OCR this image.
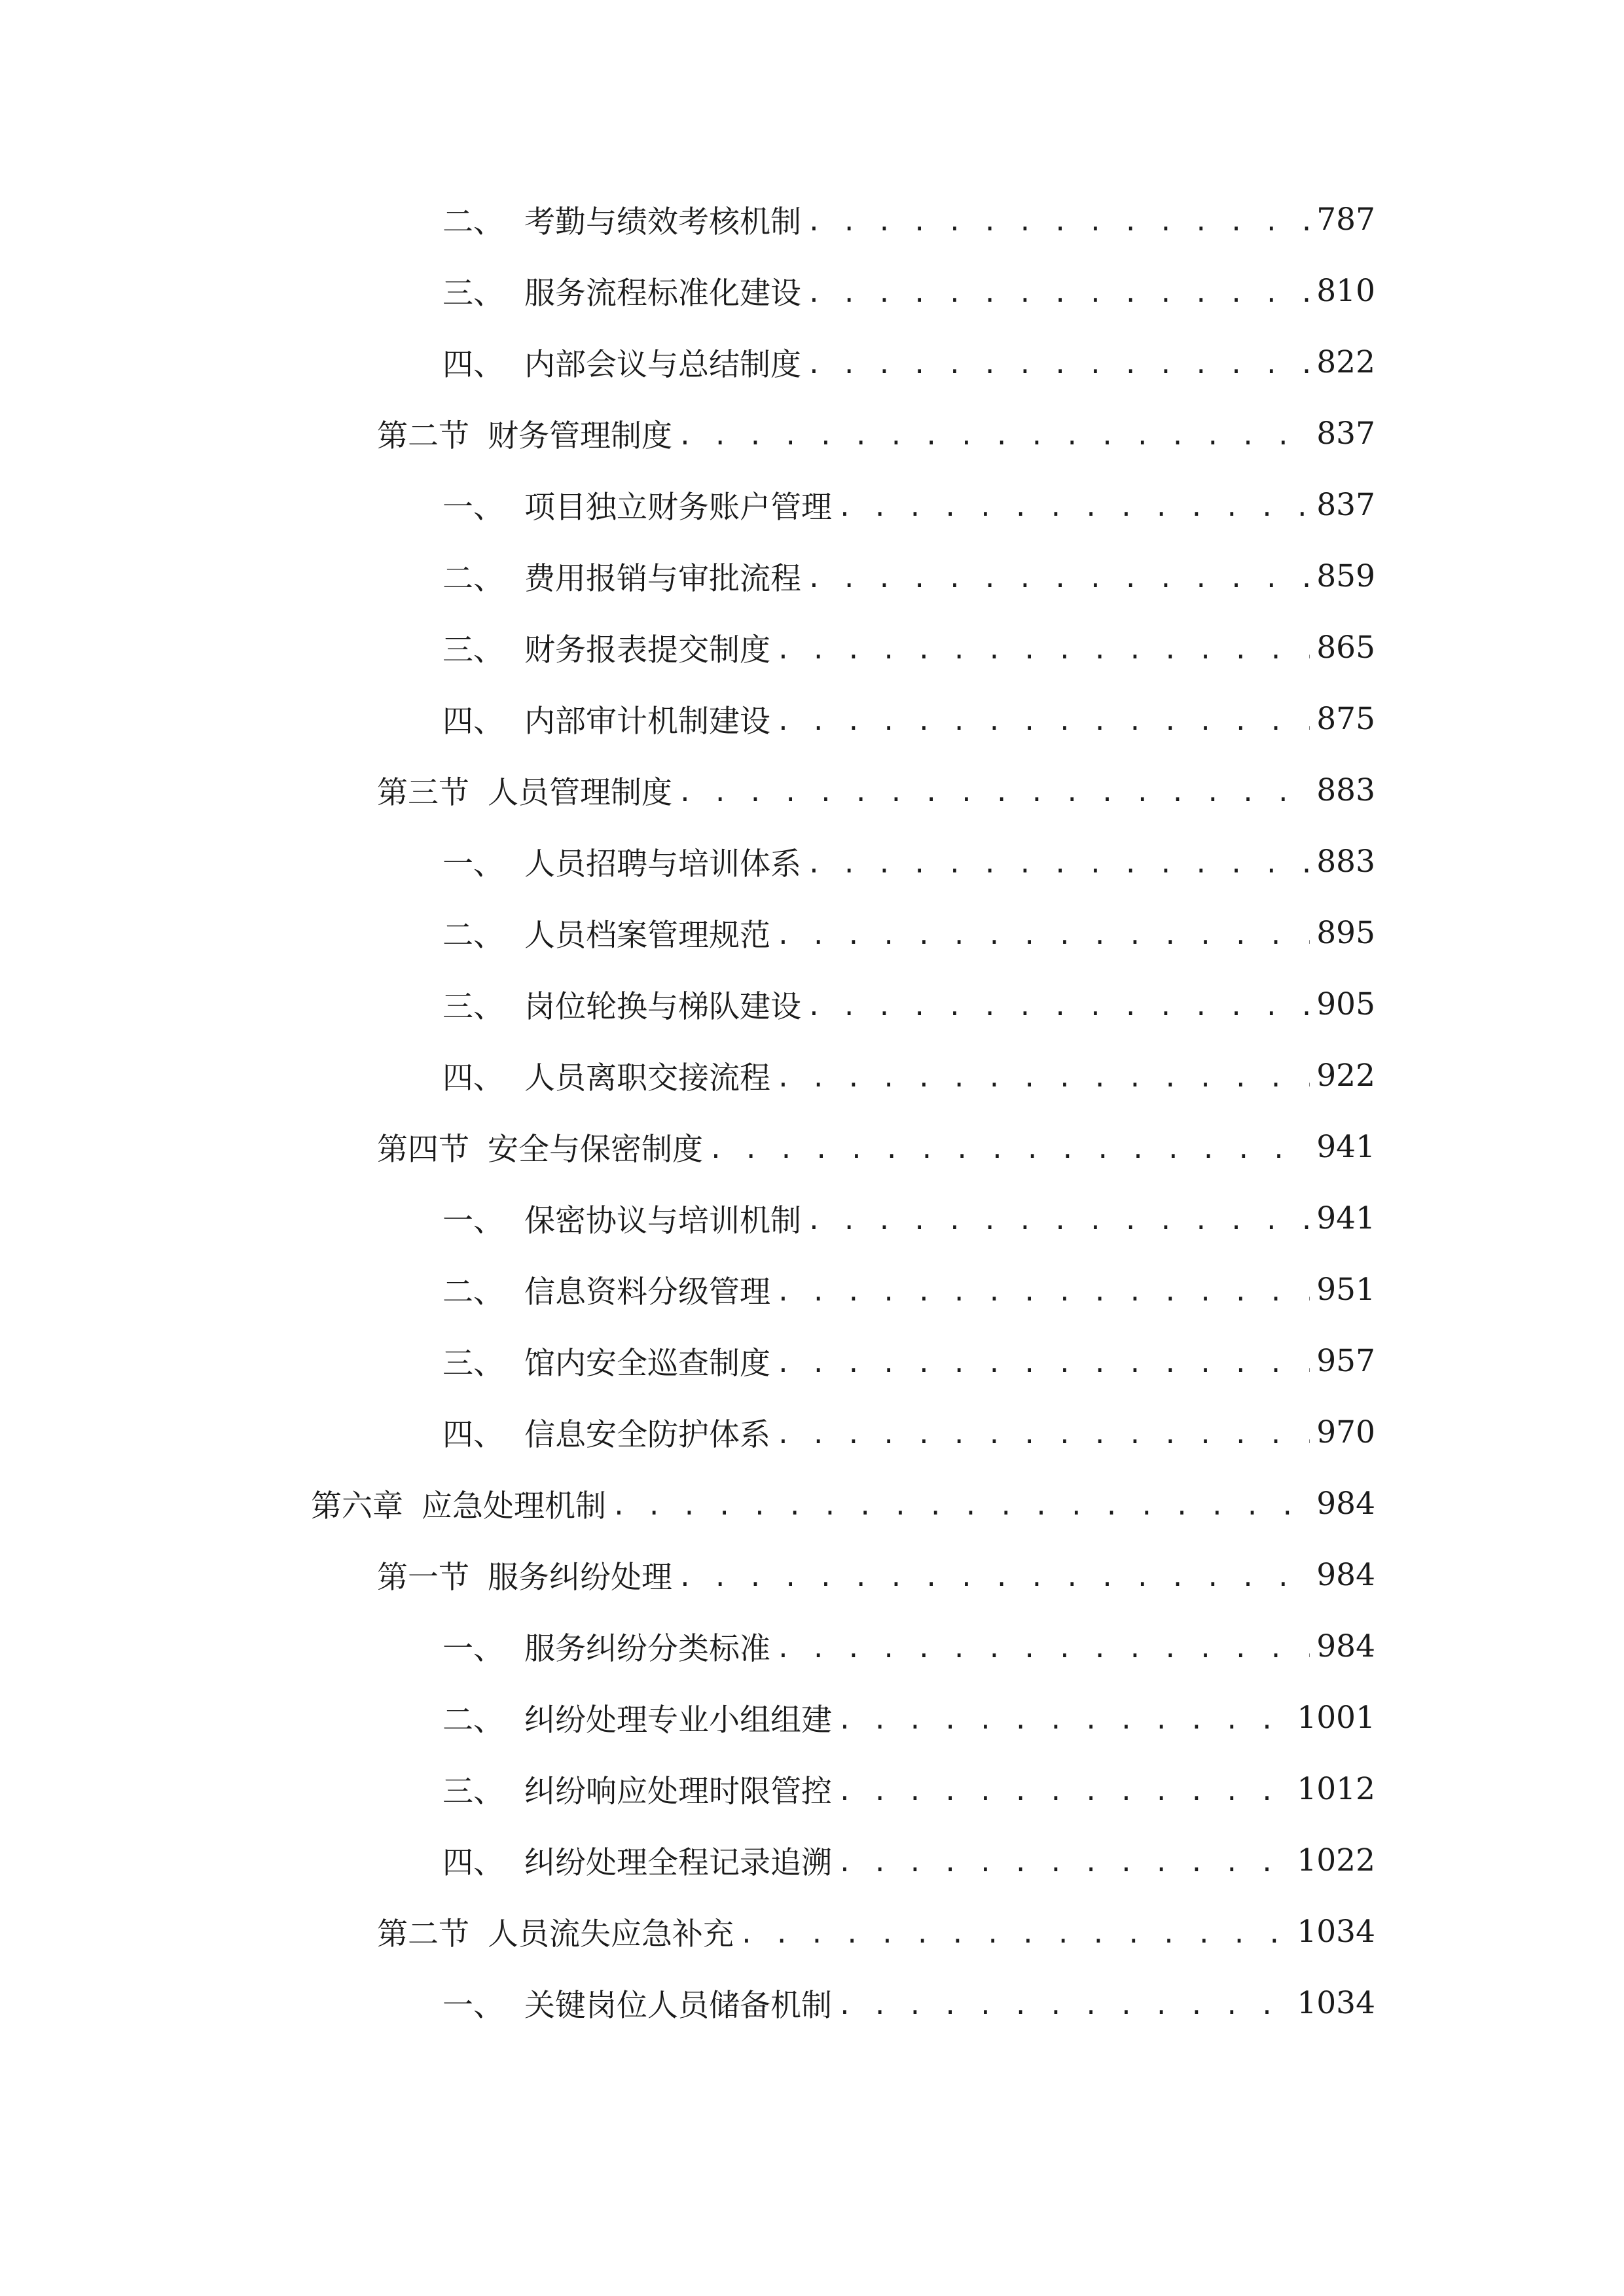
二、 考勤与绩效考核机制 . . .	787
三、 服务流程标准化建设 . . .	810
四、 内部会议与总结制度 . . .	822
第二节 财务管理制度 . . .	837
一、 项目独立财务账户管理 . . .	837
二、 费用报销与审批流程 . . .	859
三、 财务报表提交制度 . . .	865
四、 内部审计机制建设 . . .	875
第三节 人员管理制度 . . .	883
一、 人员招聘与培训体系 . . .	883
二、 人员档案管理规范 . . .	895
三、 岗位轮换与梯队建设 . . .	905
四、 人员离职交接流程 . . .	922
第四节 安全与保密制度 . . .	941
一、 保密协议与培训机制 . . .	941
二、 信息资料分级管理 . . .	951
三、 馆内安全巡查制度 . . .	957
四、 信息安全防护体系 . . .	970
第六章 应急处理机制 . . .	984
第一节 服务纠纷处理 . . .	984
一、 服务纠纷分类标准 . . .	984
二、 纠纷处理专业小组组建 . . .	1001
三、 纠纷响应处理时限管控 . . .	1012
四、 纠纷处理全程记录追溯 . . .	1022
第二节 人员流失应急补充 . . .	1034
一、 关键岗位人员储备机制 . . .	1034
